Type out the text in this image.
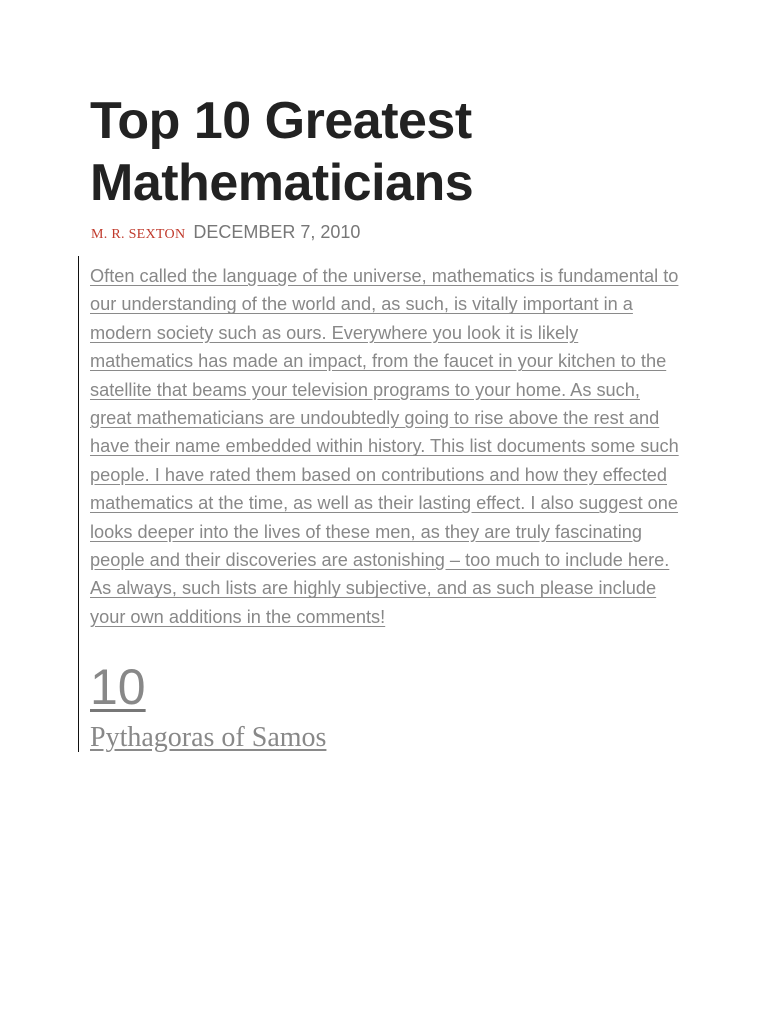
Top 10 Greatest Mathematicians
M. R. SEXTON DECEMBER 7, 2010

Often called the language of the universe, mathematics is fundamental to our understanding of the world and, as such, is vitally important in a modern society such as ours. Everywhere you look it is likely mathematics has made an impact, from the faucet in your kitchen to the satellite that beams your television programs to your home. As such, great mathematicians are undoubtedly going to rise above the rest and have their name embedded within history. This list documents some such people. I have rated them based on contributions and how they effected mathematics at the time, as well as their lasting effect. I also suggest one looks deeper into the lives of these men, as they are truly fascinating people and their discoveries are astonishing – too much to include here. As always, such lists are highly subjective, and as such please include your own additions in the comments!

10
Pythagoras of Samos
